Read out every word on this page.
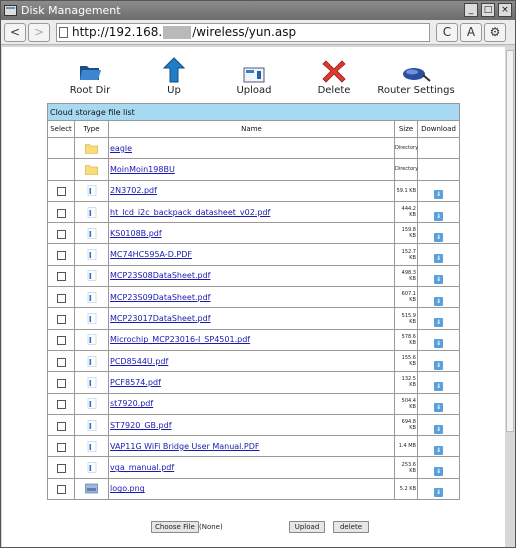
Disk Management	_	□ ×
<	>	http://192.168.	/wireless/yun.asp	C	A	⚙
Root Dir	Up	Upload	Delete	Router Settings
Cloud storage file list				
Select	Type	Name	Size	Download
		eagle	Directory	
		MoinMoin198BU	Directory	
		2N3702.pdf	59.1 KB	⇓
		ht_lcd_i2c_backpack_datasheet_v02.pdf	444.2 KB	⇓
		KS0108B.pdf	159.8 KB	⇓
		MC74HC595A-D.PDF	152.7 KB	⇓
		MCP23S08DataSheet.pdf	498.3 KB	⇓
		MCP23S09DataSheet.pdf	607.1 KB	⇓
		MCP23017DataSheet.pdf	515.9 KB	⇓
		Microchip_MCP23016-I_SP4501.pdf	578.6 KB	⇓
		PCD8544U.pdf	155.6 KB	⇓
		PCF8574.pdf	132.5 KB	⇓
		st7920.pdf	504.4 KB	⇓
		ST7920_GB.pdf	694.8 KB	⇓
		VAP11G WiFi Bridge User Manual.PDF	1.4 MB	⇓
		vga_manual.pdf	253.6 KB	⇓
		logo.png	5.2 KB	⇓
Choose File (None)	Upload	delete
